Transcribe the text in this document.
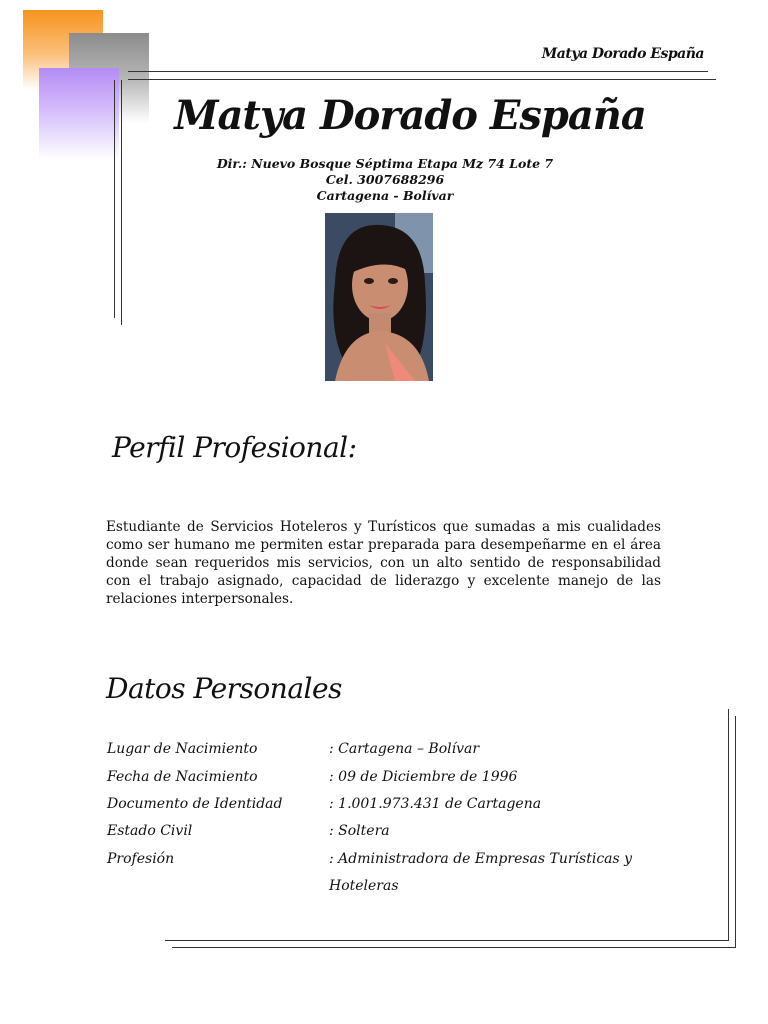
Matya Dorado España
Matya Dorado España
Dir.: Nuevo Bosque Séptima Etapa Mz 74 Lote 7
Cel. 3007688296
Cartagena - Bolívar
Perfil Profesional:
Estudiante de Servicios Hoteleros y Turísticos que sumadas a mis cualidades como ser humano me permiten estar preparada para desempeñarme en el área donde sean requeridos mis servicios, con un alto sentido de responsabilidad con el trabajo asignado, capacidad de liderazgo y excelente manejo de las relaciones interpersonales.
Datos Personales
Lugar de Nacimiento	: Cartagena – Bolívar
Fecha de Nacimiento	: 09 de Diciembre de 1996
Documento de Identidad	: 1.001.973.431 de Cartagena
Estado Civil	: Soltera
Profesión	: Administradora de Empresas Turísticas y Hoteleras
